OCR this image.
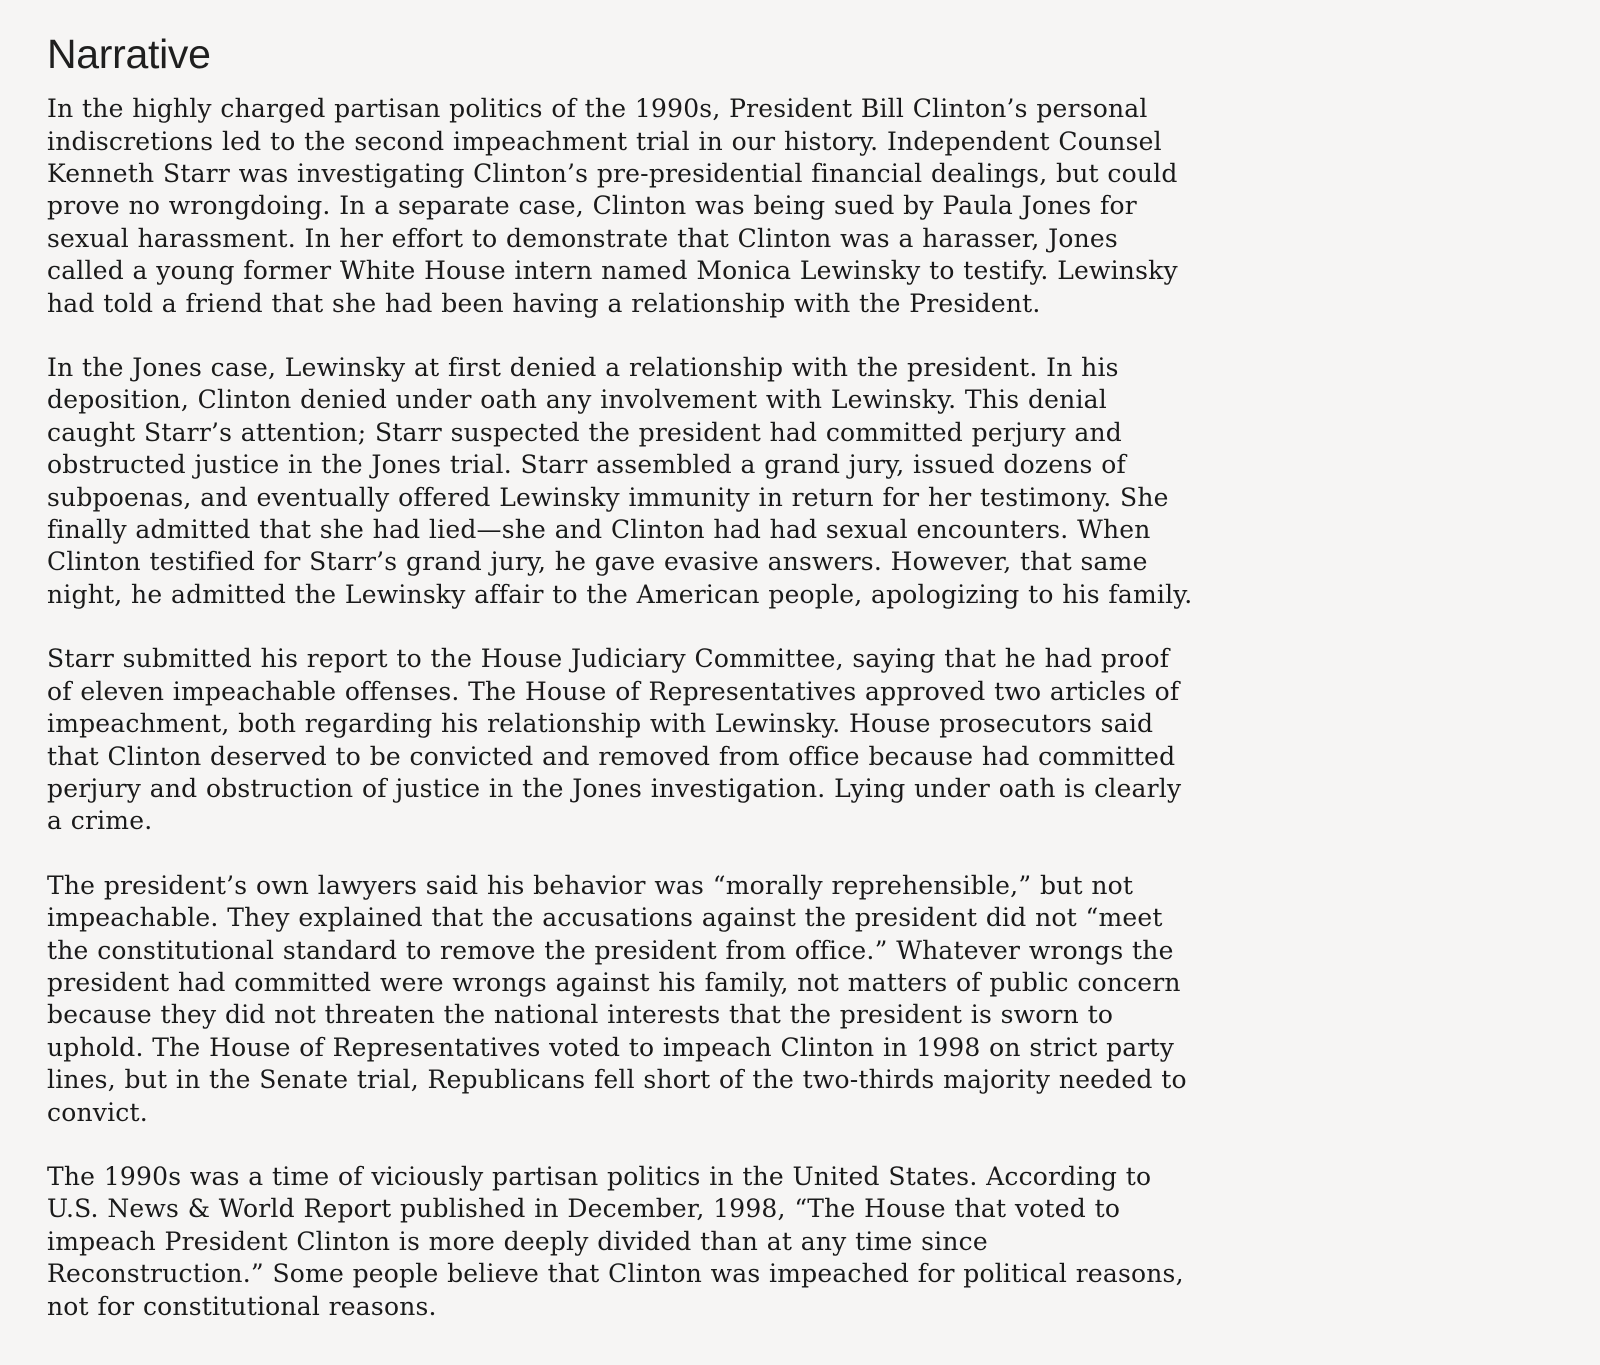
Narrative

In the highly charged partisan politics of the 1990s, President Bill Clinton’s personal
indiscretions led to the second impeachment trial in our history. Independent Counsel
Kenneth Starr was investigating Clinton’s pre-presidential financial dealings, but could
prove no wrongdoing. In a separate case, Clinton was being sued by Paula Jones for
sexual harassment. In her effort to demonstrate that Clinton was a harasser, Jones
called a young former White House intern named Monica Lewinsky to testify. Lewinsky
had told a friend that she had been having a relationship with the President.

In the Jones case, Lewinsky at first denied a relationship with the president. In his
deposition, Clinton denied under oath any involvement with Lewinsky. This denial
caught Starr’s attention; Starr suspected the president had committed perjury and
obstructed justice in the Jones trial. Starr assembled a grand jury, issued dozens of
subpoenas, and eventually offered Lewinsky immunity in return for her testimony. She
finally admitted that she had lied—she and Clinton had had sexual encounters. When
Clinton testified for Starr’s grand jury, he gave evasive answers. However, that same
night, he admitted the Lewinsky affair to the American people, apologizing to his family.

Starr submitted his report to the House Judiciary Committee, saying that he had proof
of eleven impeachable offenses. The House of Representatives approved two articles of
impeachment, both regarding his relationship with Lewinsky. House prosecutors said
that Clinton deserved to be convicted and removed from office because had committed
perjury and obstruction of justice in the Jones investigation. Lying under oath is clearly
a crime.

The president’s own lawyers said his behavior was “morally reprehensible,” but not
impeachable. They explained that the accusations against the president did not “meet
the constitutional standard to remove the president from office.” Whatever wrongs the
president had committed were wrongs against his family, not matters of public concern
because they did not threaten the national interests that the president is sworn to
uphold. The House of Representatives voted to impeach Clinton in 1998 on strict party
lines, but in the Senate trial, Republicans fell short of the two-thirds majority needed to
convict.

The 1990s was a time of viciously partisan politics in the United States. According to
U.S. News & World Report published in December, 1998, “The House that voted to
impeach President Clinton is more deeply divided than at any time since
Reconstruction.” Some people believe that Clinton was impeached for political reasons,
not for constitutional reasons.
